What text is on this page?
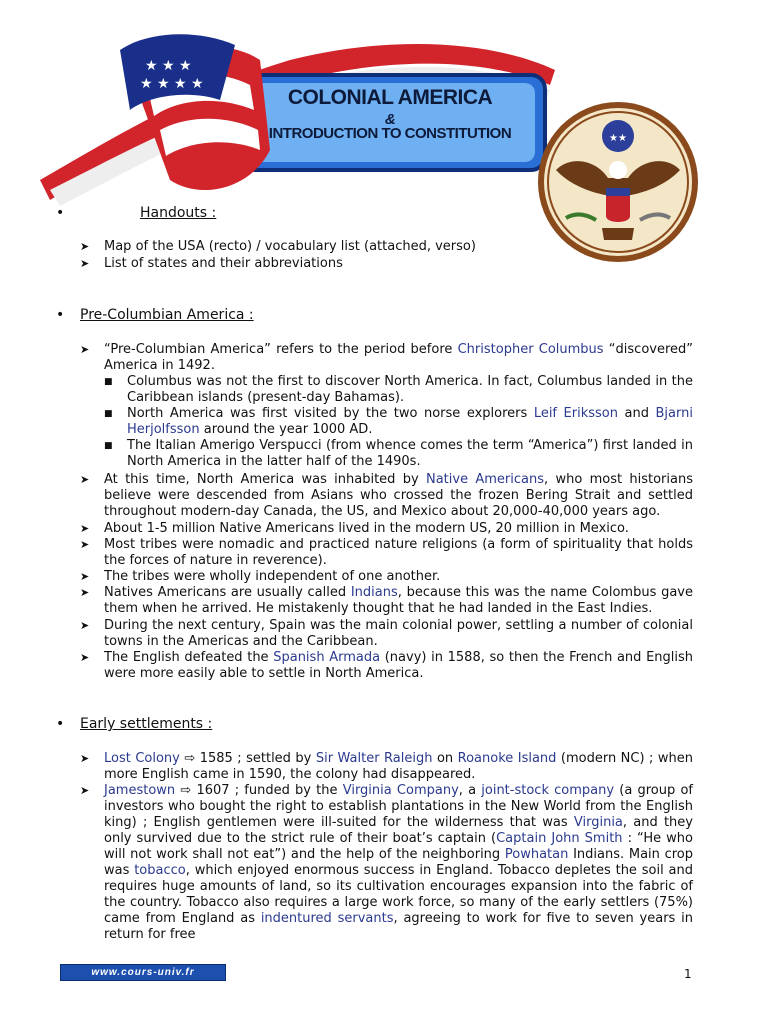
★ ★ ★
★ ★ ★ ★
COLONIAL AMERICA
&
INTRODUCTION TO CONSTITUTION	★★
•	Handouts :
➤ Map of the USA (recto) / vocabulary list (attached, verso)
➤ List of states and their abbreviations
• Pre-Columbian America :
➤ “Pre-Columbian America” refers to the period before Christopher Columbus “discovered” America in 1492.
■ Columbus was not the first to discover North America. In fact, Columbus landed in the Caribbean islands (present-day Bahamas).
■ North America was first visited by the two norse explorers Leif Eriksson and Bjarni Herjolfsson around the year 1000 AD.
■ The Italian Amerigo Verspucci (from whence comes the term “America”) first landed in North America in the latter half of the 1490s.
➤ At this time, North America was inhabited by Native Americans, who most historians believe were descended from Asians who crossed the frozen Bering Strait and settled throughout modern-day Canada, the US, and Mexico about 20,000-40,000 years ago.
➤ About 1-5 million Native Americans lived in the modern US, 20 million in Mexico.
➤ Most tribes were nomadic and practiced nature religions (a form of spirituality that holds the forces of nature in reverence).
➤ The tribes were wholly independent of one another.
➤ Natives Americans are usually called Indians, because this was the name Colombus gave them when he arrived. He mistakenly thought that he had landed in the East Indies.
➤ During the next century, Spain was the main colonial power, settling a number of colonial towns in the Americas and the Caribbean.
➤ The English defeated the Spanish Armada (navy) in 1588, so then the French and English were more easily able to settle in North America.
• Early settlements :
➤ Lost Colony ⇨ 1585 ; settled by Sir Walter Raleigh on Roanoke Island (modern NC) ; when more English came in 1590, the colony had disappeared.
➤ Jamestown ⇨ 1607 ; funded by the Virginia Company, a joint-stock company (a group of investors who bought the right to establish plantations in the New World from the English king) ; English gentlemen were ill-suited for the wilderness that was Virginia, and they only survived due to the strict rule of their boat’s captain (Captain John Smith : “He who will not work shall not eat”) and the help of the neighboring Powhatan Indians. Main crop was tobacco, which enjoyed enormous success in England. Tobacco depletes the soil and requires huge amounts of land, so its cultivation encourages expansion into the fabric of the country. Tobacco also requires a large work force, so many of the early settlers (75%) came from England as indentured servants, agreeing to work for five to seven years in return for free
www.cours-univ.fr	1
